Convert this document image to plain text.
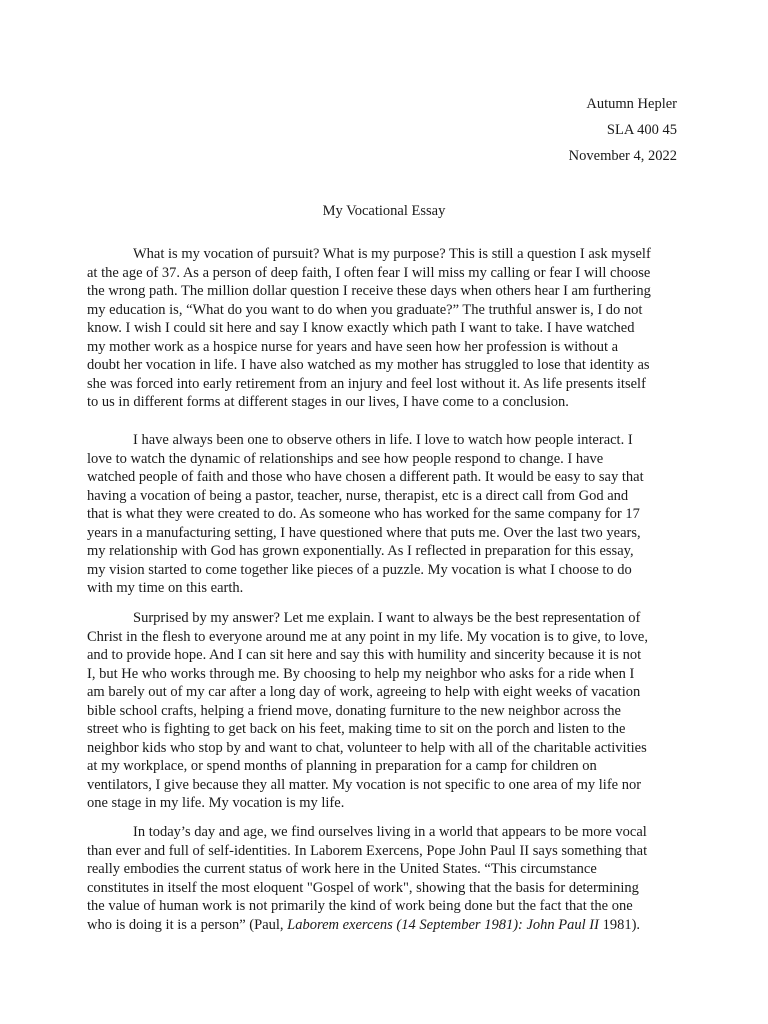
Autumn Hepler
SLA 400 45
November 4, 2022
My Vocational Essay

What is my vocation of pursuit? What is my purpose? This is still a question I ask myself
at the age of 37. As a person of deep faith, I often fear I will miss my calling or fear I will choose
the wrong path. The million dollar question I receive these days when others hear I am furthering
my education is, “What do you want to do when you graduate?” The truthful answer is, I do not
know. I wish I could sit here and say I know exactly which path I want to take. I have watched
my mother work as a hospice nurse for years and have seen how her profession is without a
doubt her vocation in life. I have also watched as my mother has struggled to lose that identity as
she was forced into early retirement from an injury and feel lost without it. As life presents itself
to us in different forms at different stages in our lives, I have come to a conclusion.

I have always been one to observe others in life. I love to watch how people interact. I
love to watch the dynamic of relationships and see how people respond to change. I have
watched people of faith and those who have chosen a different path. It would be easy to say that
having a vocation of being a pastor, teacher, nurse, therapist, etc is a direct call from God and
that is what they were created to do. As someone who has worked for the same company for 17
years in a manufacturing setting, I have questioned where that puts me. Over the last two years,
my relationship with God has grown exponentially. As I reflected in preparation for this essay,
my vision started to come together like pieces of a puzzle. My vocation is what I choose to do
with my time on this earth.

Surprised by my answer? Let me explain. I want to always be the best representation of
Christ in the flesh to everyone around me at any point in my life. My vocation is to give, to love,
and to provide hope. And I can sit here and say this with humility and sincerity because it is not
I, but He who works through me. By choosing to help my neighbor who asks for a ride when I
am barely out of my car after a long day of work, agreeing to help with eight weeks of vacation
bible school crafts, helping a friend move, donating furniture to the new neighbor across the
street who is fighting to get back on his feet, making time to sit on the porch and listen to the
neighbor kids who stop by and want to chat, volunteer to help with all of the charitable activities
at my workplace, or spend months of planning in preparation for a camp for children on
ventilators, I give because they all matter. My vocation is not specific to one area of my life nor
one stage in my life. My vocation is my life.

In today’s day and age, we find ourselves living in a world that appears to be more vocal
than ever and full of self-identities. In Laborem Exercens, Pope John Paul II says something that
really embodies the current status of work here in the United States. “This circumstance
constitutes in itself the most eloquent "Gospel of work", showing that the basis for determining
the value of human work is not primarily the kind of work being done but the fact that the one
who is doing it is a person” (Paul, Laborem exercens (14 September 1981): John Paul II 1981).
